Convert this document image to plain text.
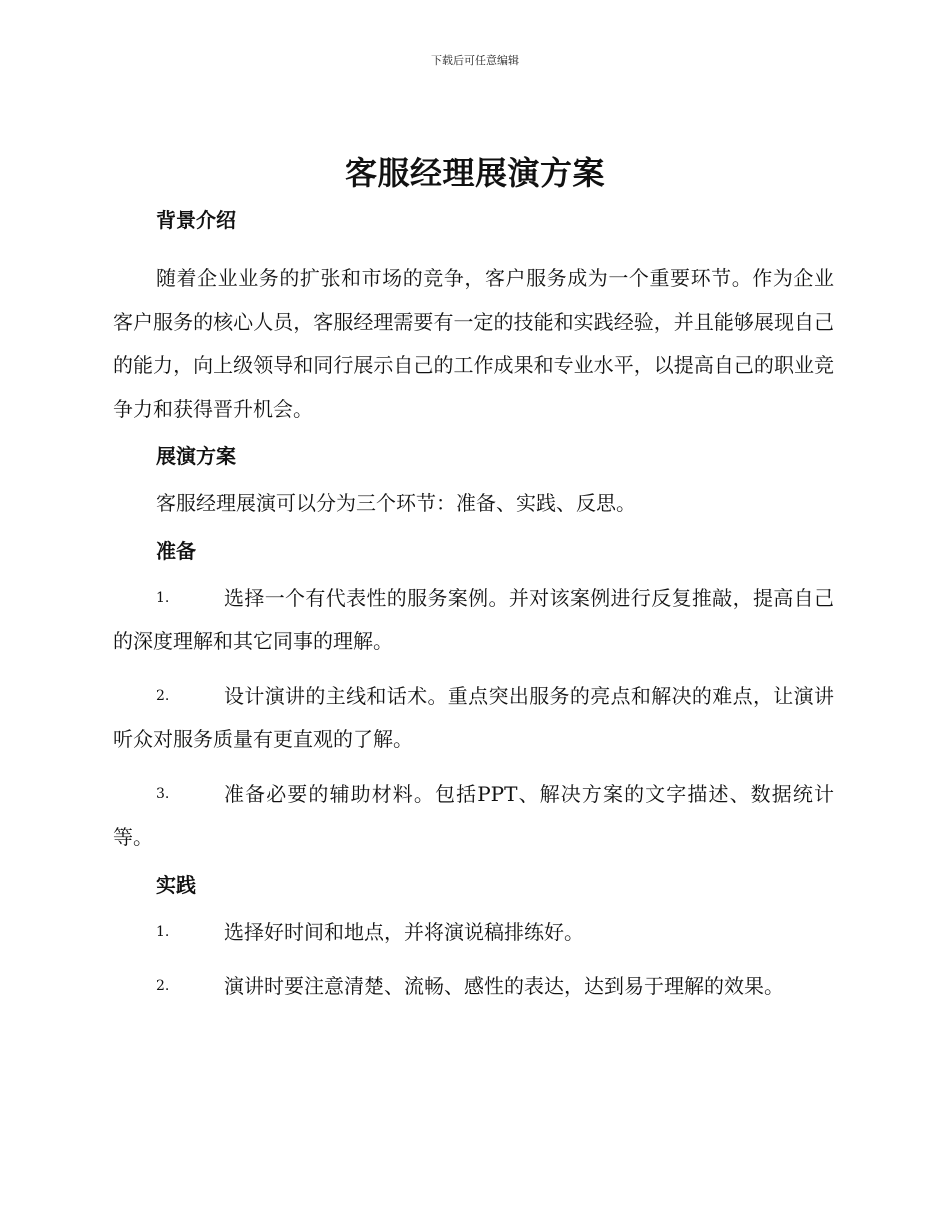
下载后可任意编辑
客服经理展演方案
背景介绍
随着企业业务的扩张和市场的竞争，客户服务成为一个重要环节。作为企业客户服务的核心人员，客服经理需要有一定的技能和实践经验，并且能够展现自己的能力，向上级领导和同行展示自己的工作成果和专业水平，以提高自己的职业竞争力和获得晋升机会。
展演方案
客服经理展演可以分为三个环节：准备、实践、反思。
准备
1.	选择一个有代表性的服务案例。并对该案例进行反复推敲，提高自己的深度理解和其它同事的理解。
2.	设计演讲的主线和话术。重点突出服务的亮点和解决的难点，让演讲听众对服务质量有更直观的了解。
3.	准备必要的辅助材料。包括PPT、解决方案的文字描述、数据统计等。
实践
1.	选择好时间和地点，并将演说稿排练好。
2.	演讲时要注意清楚、流畅、感性的表达，达到易于理解的效果。
